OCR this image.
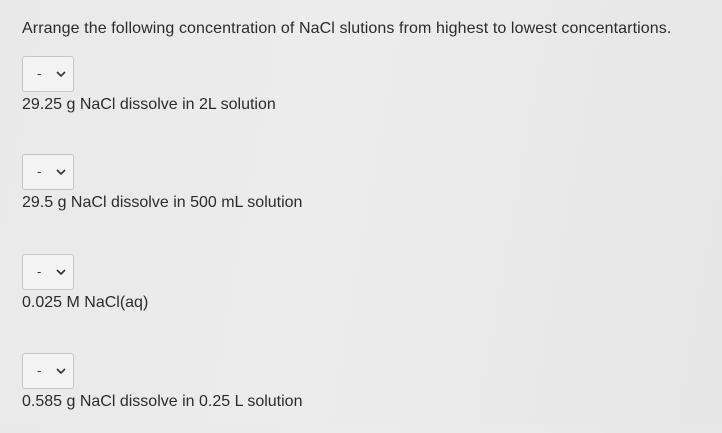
Arrange the following concentration of NaCl slutions from highest to lowest concentartions.
-
29.25 g NaCl dissolve in 2L solution
-
29.5 g NaCl dissolve in 500 mL solution
-
0.025 M NaCl(aq)
-
0.585 g NaCl dissolve in 0.25 L solution
